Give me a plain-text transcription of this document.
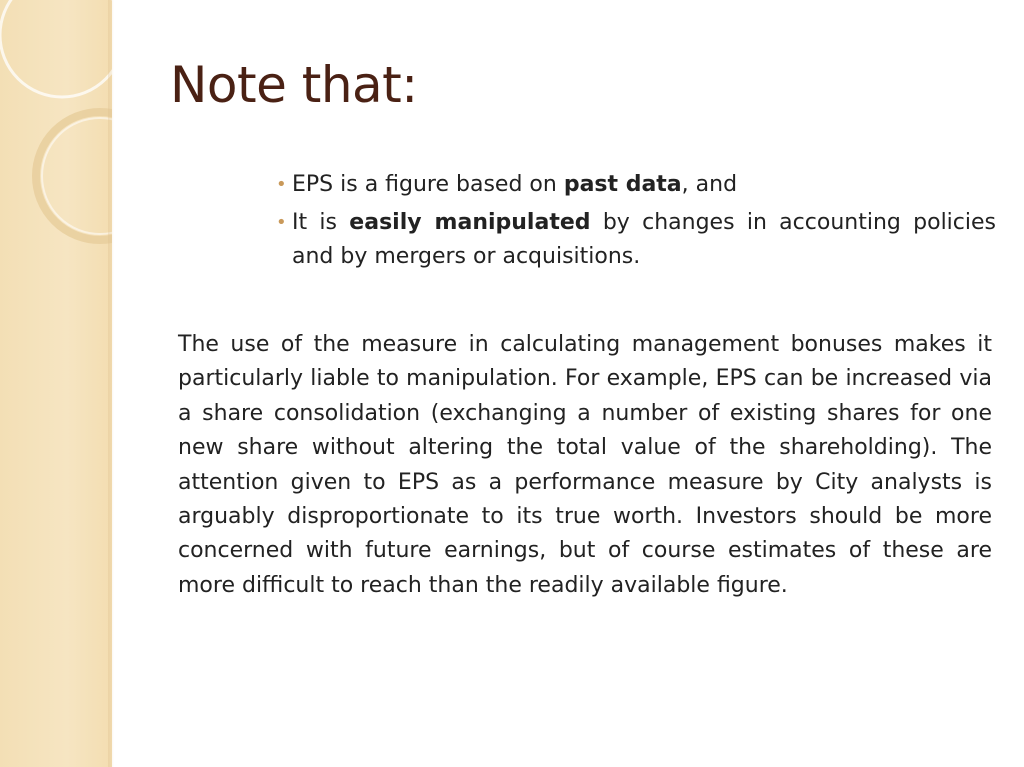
Note that:
• EPS is a figure based on past data, and
• It is easily manipulated by changes in accounting policies and by mergers or acquisitions.

The use of the measure in calculating management bonuses makes it particularly liable to manipulation. For example, EPS can be increased via a share consolidation (exchanging a number of existing shares for one new share without altering the total value of the shareholding). The attention given to EPS as a performance measure by City analysts is arguably disproportionate to its true worth. Investors should be more concerned with future earnings, but of course estimates of these are more difficult to reach than the readily available figure.
